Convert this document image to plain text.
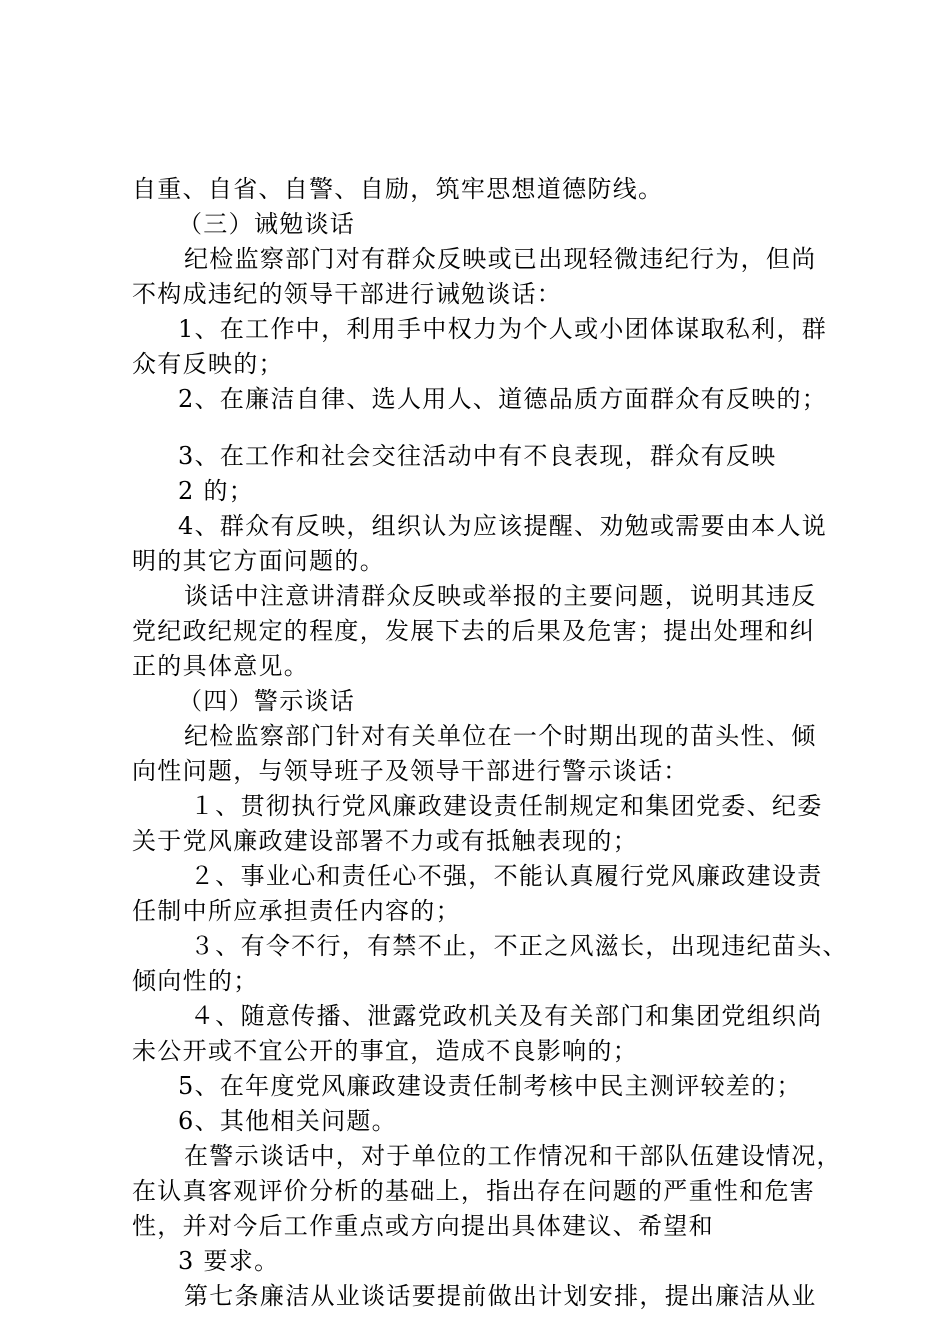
自重、自省、自警、自励，筑牢思想道德防线。
（三）诫勉谈话
纪检监察部门对有群众反映或已出现轻微违纪行为，但尚
不构成违纪的领导干部进行诫勉谈话：
1、在工作中，利用手中权力为个人或小团体谋取私利，群
众有反映的；
2、在廉洁自律、选人用人、道德品质方面群众有反映的；
3、在工作和社会交往活动中有不良表现，群众有反映
2 的；
4、群众有反映，组织认为应该提醒、劝勉或需要由本人说
明的其它方面问题的。
谈话中注意讲清群众反映或举报的主要问题，说明其违反
党纪政纪规定的程度，发展下去的后果及危害；提出处理和纠
正的具体意见。
（四）警示谈话
纪检监察部门针对有关单位在一个时期出现的苗头性、倾
向性问题，与领导班子及领导干部进行警示谈话：
１、贯彻执行党风廉政建设责任制规定和集团党委、纪委
关于党风廉政建设部署不力或有抵触表现的；
２、事业心和责任心不强，不能认真履行党风廉政建设责
任制中所应承担责任内容的；
３、有令不行，有禁不止，不正之风滋长，出现违纪苗头、
倾向性的；
４、随意传播、泄露党政机关及有关部门和集团党组织尚
未公开或不宜公开的事宜，造成不良影响的；
5、在年度党风廉政建设责任制考核中民主测评较差的；
6、其他相关问题。
在警示谈话中，对于单位的工作情况和干部队伍建设情况，
在认真客观评价分析的基础上，指出存在问题的严重性和危害
性，并对今后工作重点或方向提出具体建议、希望和
3 要求。
第七条廉洁从业谈话要提前做出计划安排，提出廉洁从业
